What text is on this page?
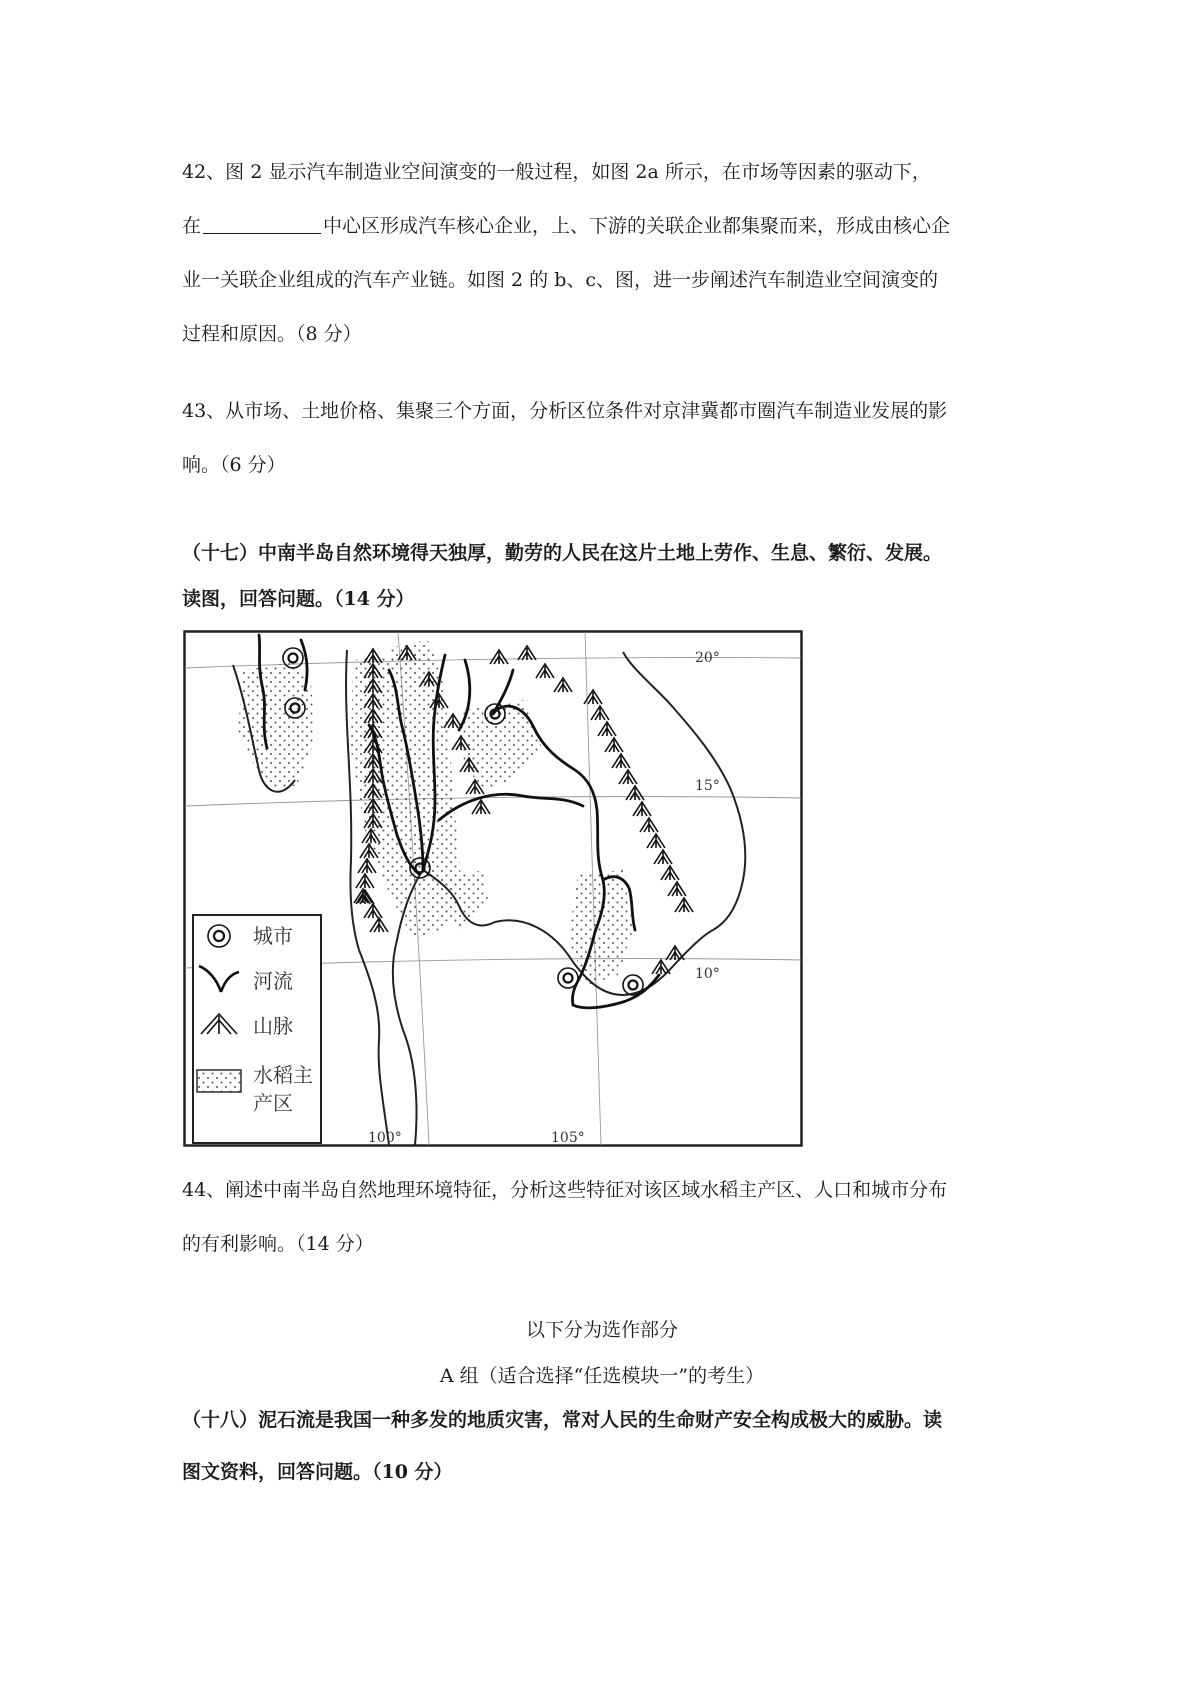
42、图 2 显示汽车制造业空间演变的一般过程，如图 2a 所示，在市场等因素的驱动下，

在	中心区形成汽车核心企业，上、下游的关联企业都集聚而来，形成由核心企

业一关联企业组成的汽车产业链。如图 2 的 b、c、图，进一步阐述汽车制造业空间演变的

过程和原因。（8 分）

43、从市场、土地价格、集聚三个方面，分析区位条件对京津冀都市圈汽车制造业发展的影

响。（6 分）

（十七）中南半岛自然环境得天独厚，勤劳的人民在这片土地上劳作、生息、繁衍、发展。

读图，回答问题。（14 分）

20°
15°
10°
100°	105°
城市
河流
山脉
水稻主
产区

44、阐述中南半岛自然地理环境特征，分析这些特征对该区域水稻主产区、人口和城市分布

的有利影响。（14 分）

以下分为选作部分
A 组（适合选择“任选模块一”的考生）

（十八）泥石流是我国一种多发的地质灾害，常对人民的生命财产安全构成极大的威胁。读

图文资料，回答问题。（10 分）
